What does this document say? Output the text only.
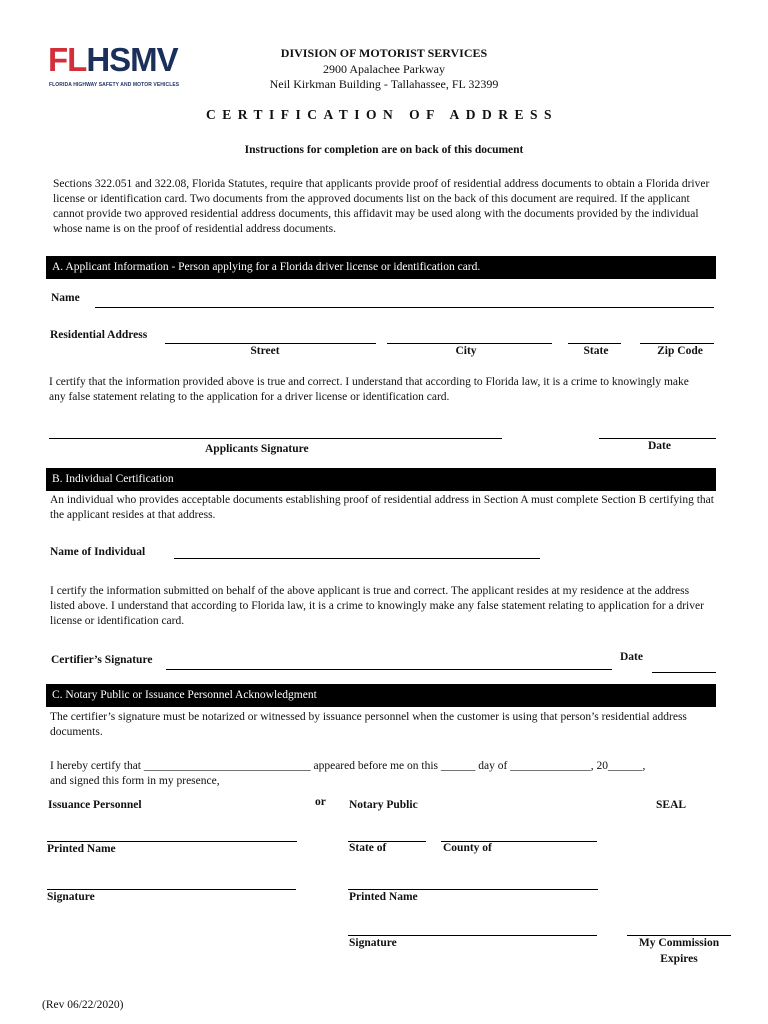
FLHSMV
FLORIDA HIGHWAY SAFETY AND MOTOR VEHICLES
DIVISION OF MOTORIST SERVICES
2900 Apalachee Parkway
Neil Kirkman Building - Tallahassee, FL 32399
CERTIFICATION OF ADDRESS
Instructions for completion are on back of this document
Sections 322.051 and 322.08, Florida Statutes, require that applicants provide proof of residential address documents to obtain a Florida driver license or identification card. Two documents from the approved documents list on the back of this document are required. If the applicant cannot provide two approved residential address documents, this affidavit may be used along with the documents provided by the individual whose name is on the proof of residential address documents.
A. Applicant Information - Person applying for a Florida driver license or identification card.
Name
Residential Address
Street	City	State	Zip Code
I certify that the information provided above is true and correct. I understand that according to Florida law, it is a crime to knowingly make any false statement relating to the application for a driver license or identification card.
Applicants Signature	Date
B. Individual Certification
An individual who provides acceptable documents establishing proof of residential address in Section A must complete Section B certifying that the applicant resides at that address.
Name of Individual
I certify the information submitted on behalf of the above applicant is true and correct. The applicant resides at my residence at the address listed above. I understand that according to Florida law, it is a crime to knowingly make any false statement relating to application for a driver license or identification card.
Certifier’s Signature	Date
C. Notary Public or Issuance Personnel Acknowledgment
The certifier’s signature must be notarized or witnessed by issuance personnel when the customer is using that person’s residential address documents.
I hereby certify that _____________________________ appeared before me on this ______ day of ______________, 20______,
and signed this form in my presence,
Issuance Personnel	or Notary Public	SEAL
Printed Name	State of	County of
Signature	Printed Name
Signature	My Commission
Expires
(Rev 06/22/2020)
